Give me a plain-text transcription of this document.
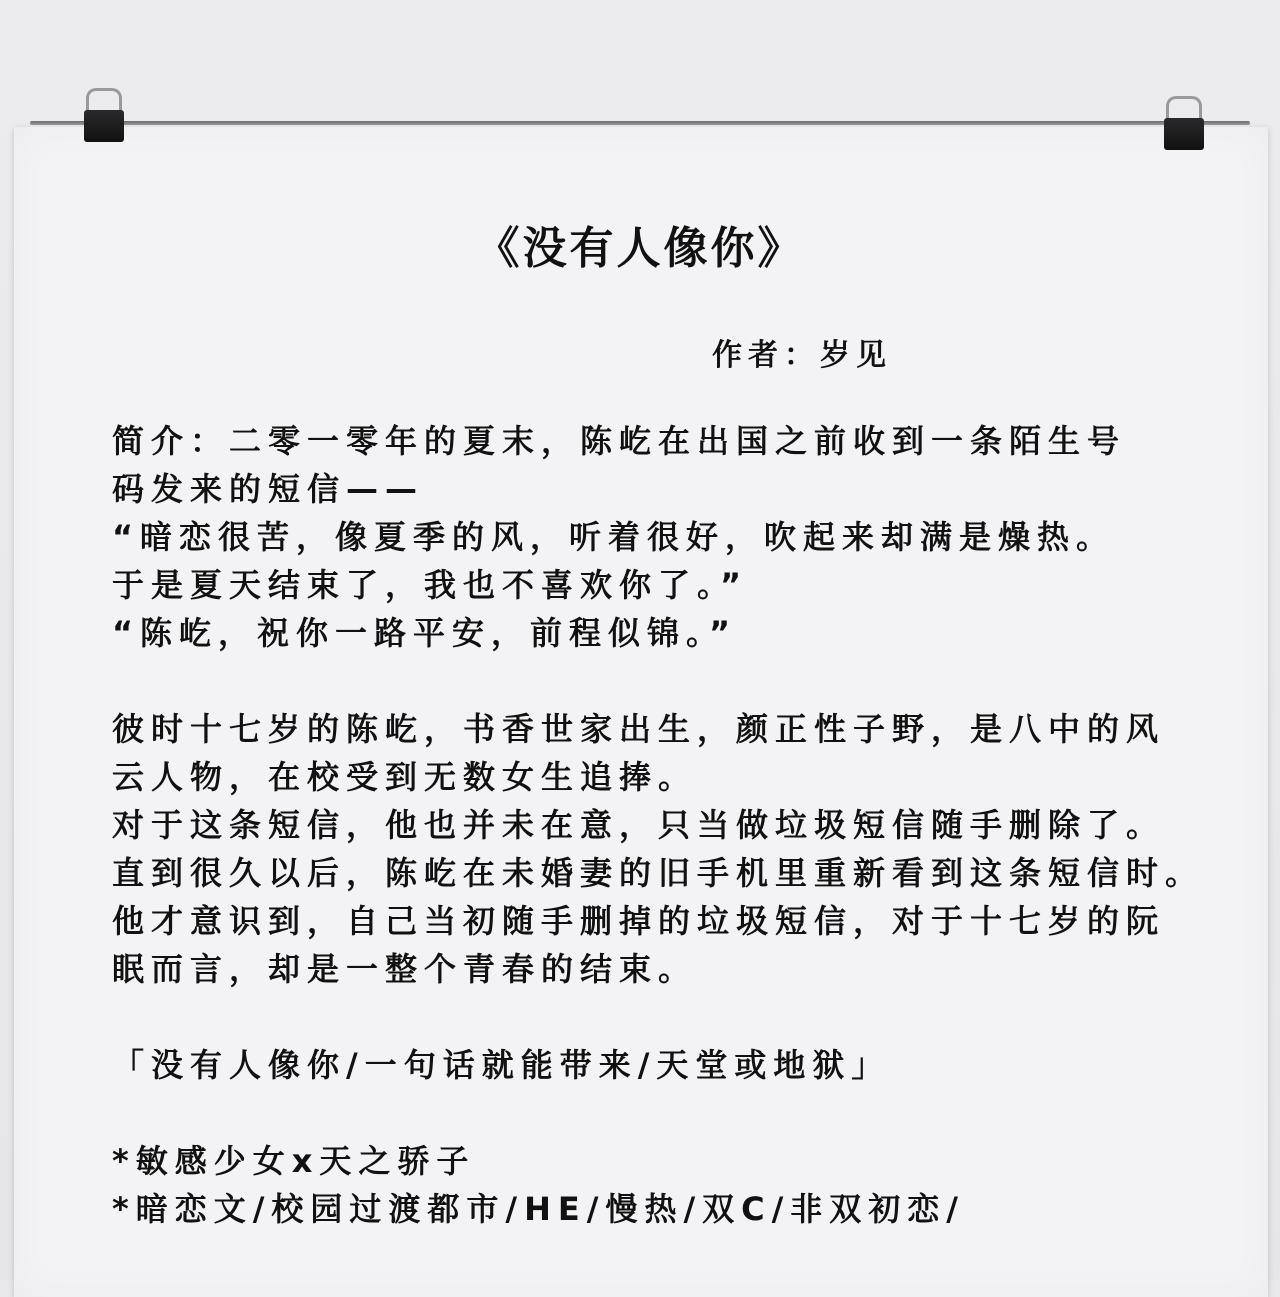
《没有人像你》
作者：岁见
简介：二零一零年的夏末，陈屹在出国之前收到一条陌生号
码发来的短信——
“暗恋很苦，像夏季的风，听着很好，吹起来却满是燥热。
于是夏天结束了，我也不喜欢你了。”
“陈屹，祝你一路平安，前程似锦。”
彼时十七岁的陈屹，书香世家出生，颜正性子野，是八中的风
云人物，在校受到无数女生追捧。
对于这条短信，他也并未在意，只当做垃圾短信随手删除了。
直到很久以后，陈屹在未婚妻的旧手机里重新看到这条短信时。
他才意识到，自己当初随手删掉的垃圾短信，对于十七岁的阮
眠而言，却是一整个青春的结束。
「没有人像你/一句话就能带来/天堂或地狱」
*敏感少女x天之骄子
*暗恋文/校园过渡都市/HE/慢热/双C/非双初恋/
